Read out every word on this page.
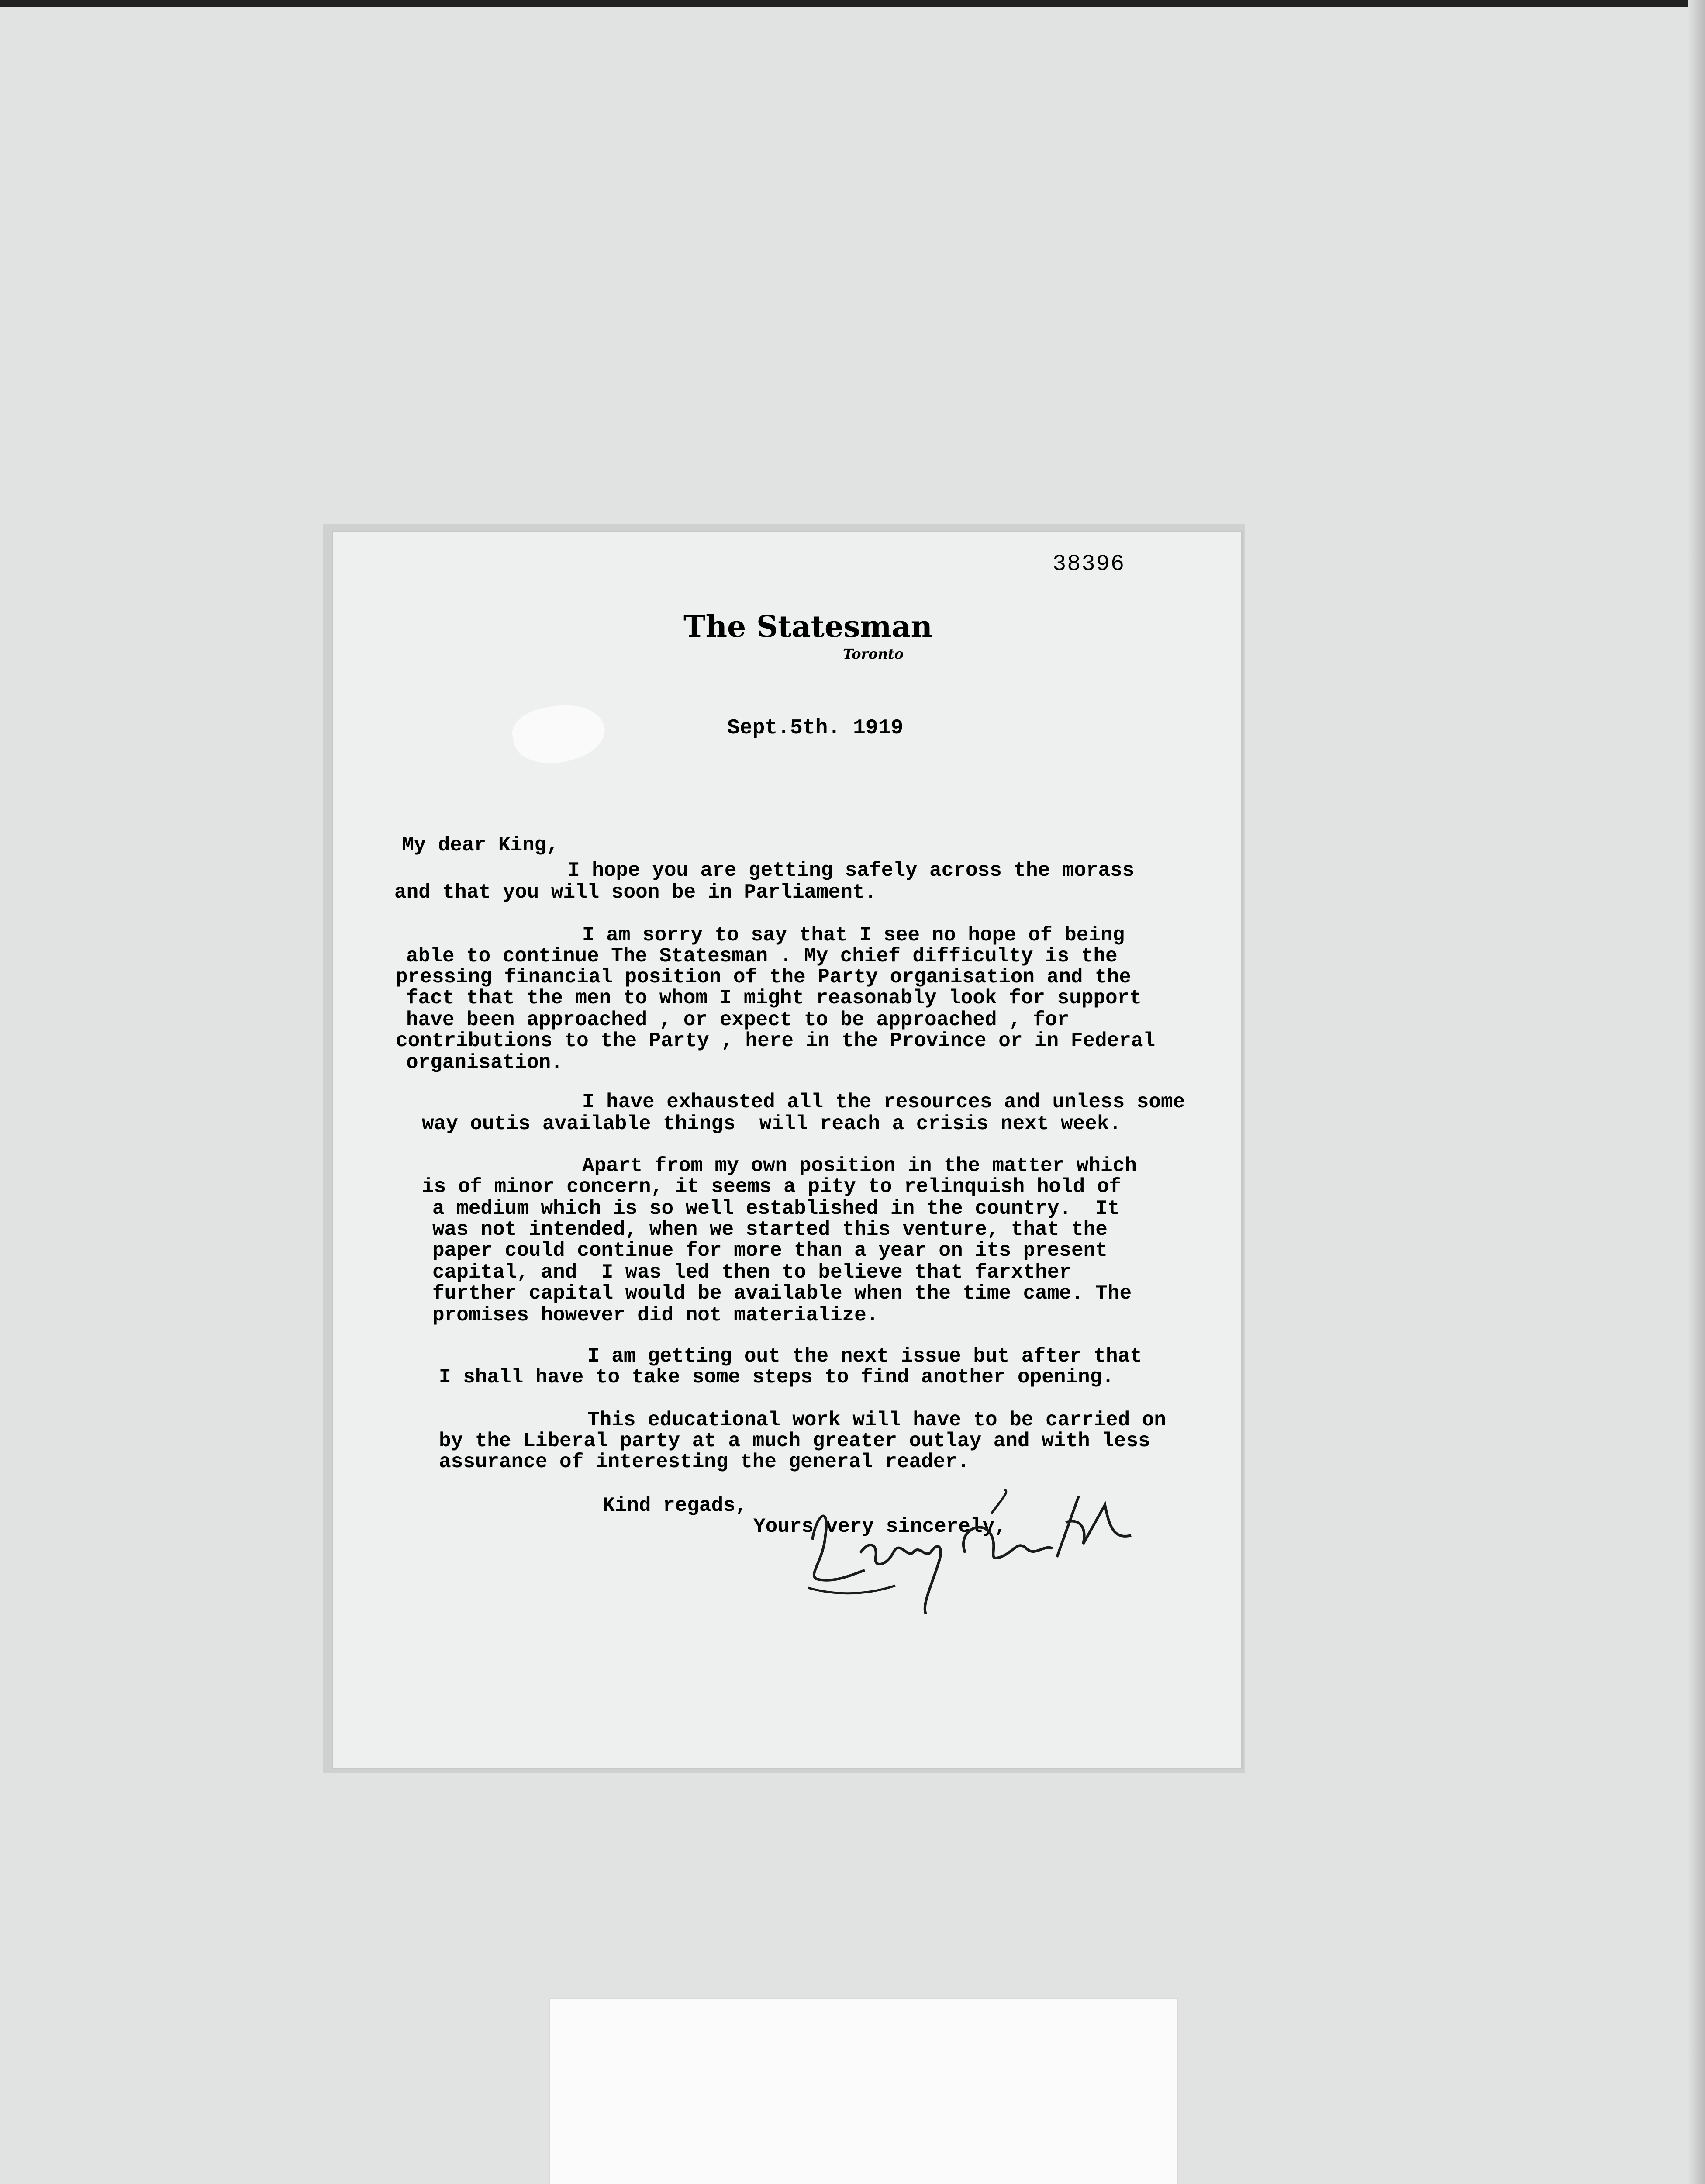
38396
The Statesman
Toronto
Sept.5th. 1919
My dear King,
I hope you are getting safely across the morass
and that you will soon be in Parliament.
I am sorry to say that I see no hope of being
able to continue The Statesman . My chief difficulty is the
pressing financial position of the Party organisation and the
fact that the men to whom I might reasonably look for support
have been approached , or expect to be approached , for
contributions to the Party , here in the Province or in Federal
organisation.
I have exhausted all the resources and unless some
way outis available things  will reach a crisis next week.
Apart from my own position in the matter which
is of minor concern, it seems a pity to relinquish hold of
a medium which is so well established in the country.  It
was not intended, when we started this venture, that the
paper could continue for more than a year on its present
capital, and  I was led then to believe that farxther
further capital would be available when the time came. The
promises however did not materialize.
I am getting out the next issue but after that
I shall have to take some steps to find another opening.
This educational work will have to be carried on
by the Liberal party at a much greater outlay and with less
assurance of interesting the general reader.
Kind regads,
Yours very sincerely,
